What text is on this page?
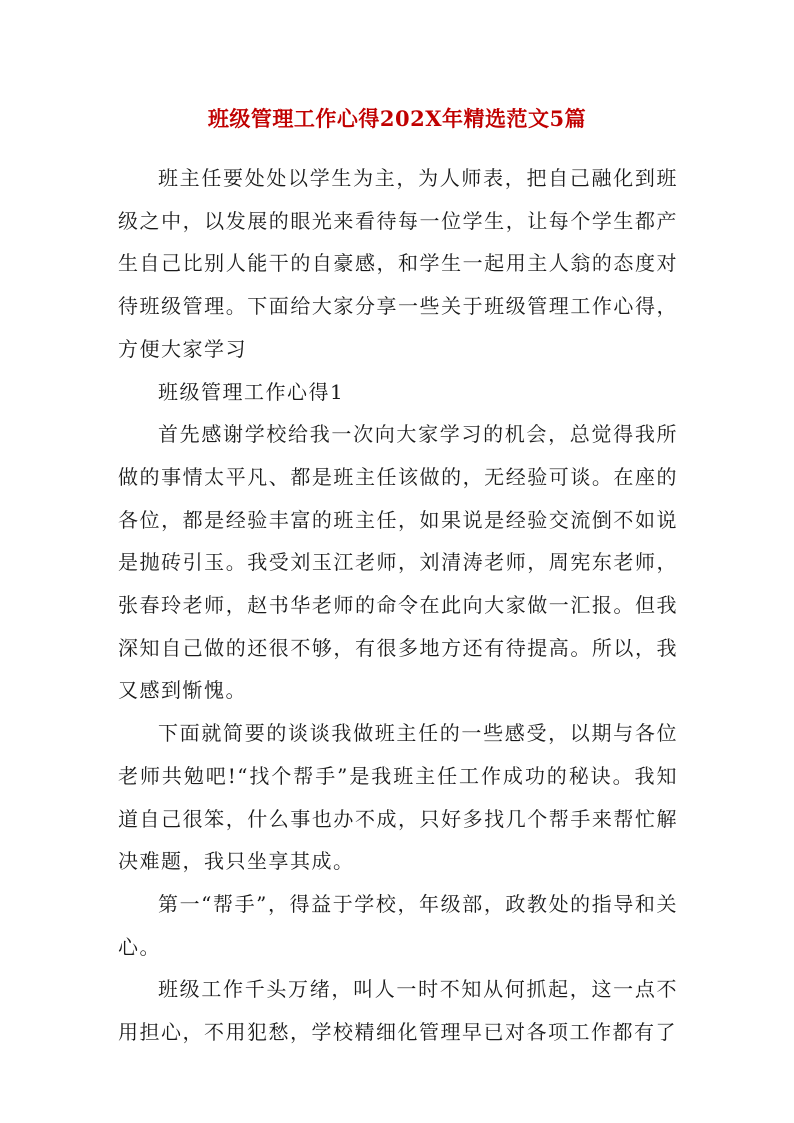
班级管理工作心得202X年精选范文5篇

班主任要处处以学生为主，为人师表，把自己融化到班级之中，以发展的眼光来看待每一位学生，让每个学生都产生自己比别人能干的自豪感，和学生一起用主人翁的态度对待班级管理。下面给大家分享一些关于班级管理工作心得，方便大家学习

班级管理工作心得1

首先感谢学校给我一次向大家学习的机会，总觉得我所做的事情太平凡、都是班主任该做的，无经验可谈。在座的各位，都是经验丰富的班主任，如果说是经验交流倒不如说是抛砖引玉。我受刘玉江老师，刘清涛老师，周宪东老师，张春玲老师，赵书华老师的命令在此向大家做一汇报。但我深知自己做的还很不够，有很多地方还有待提高。所以，我又感到惭愧。

下面就简要的谈谈我做班主任的一些感受，以期与各位老师共勉吧!“找个帮手”是我班主任工作成功的秘诀。我知道自己很笨，什么事也办不成，只好多找几个帮手来帮忙解决难题，我只坐享其成。

第一“帮手”，得益于学校，年级部，政教处的指导和关心。

班级工作千头万绪，叫人一时不知从何抓起，这一点不用担心，不用犯愁，学校精细化管理早已对各项工作都有了
